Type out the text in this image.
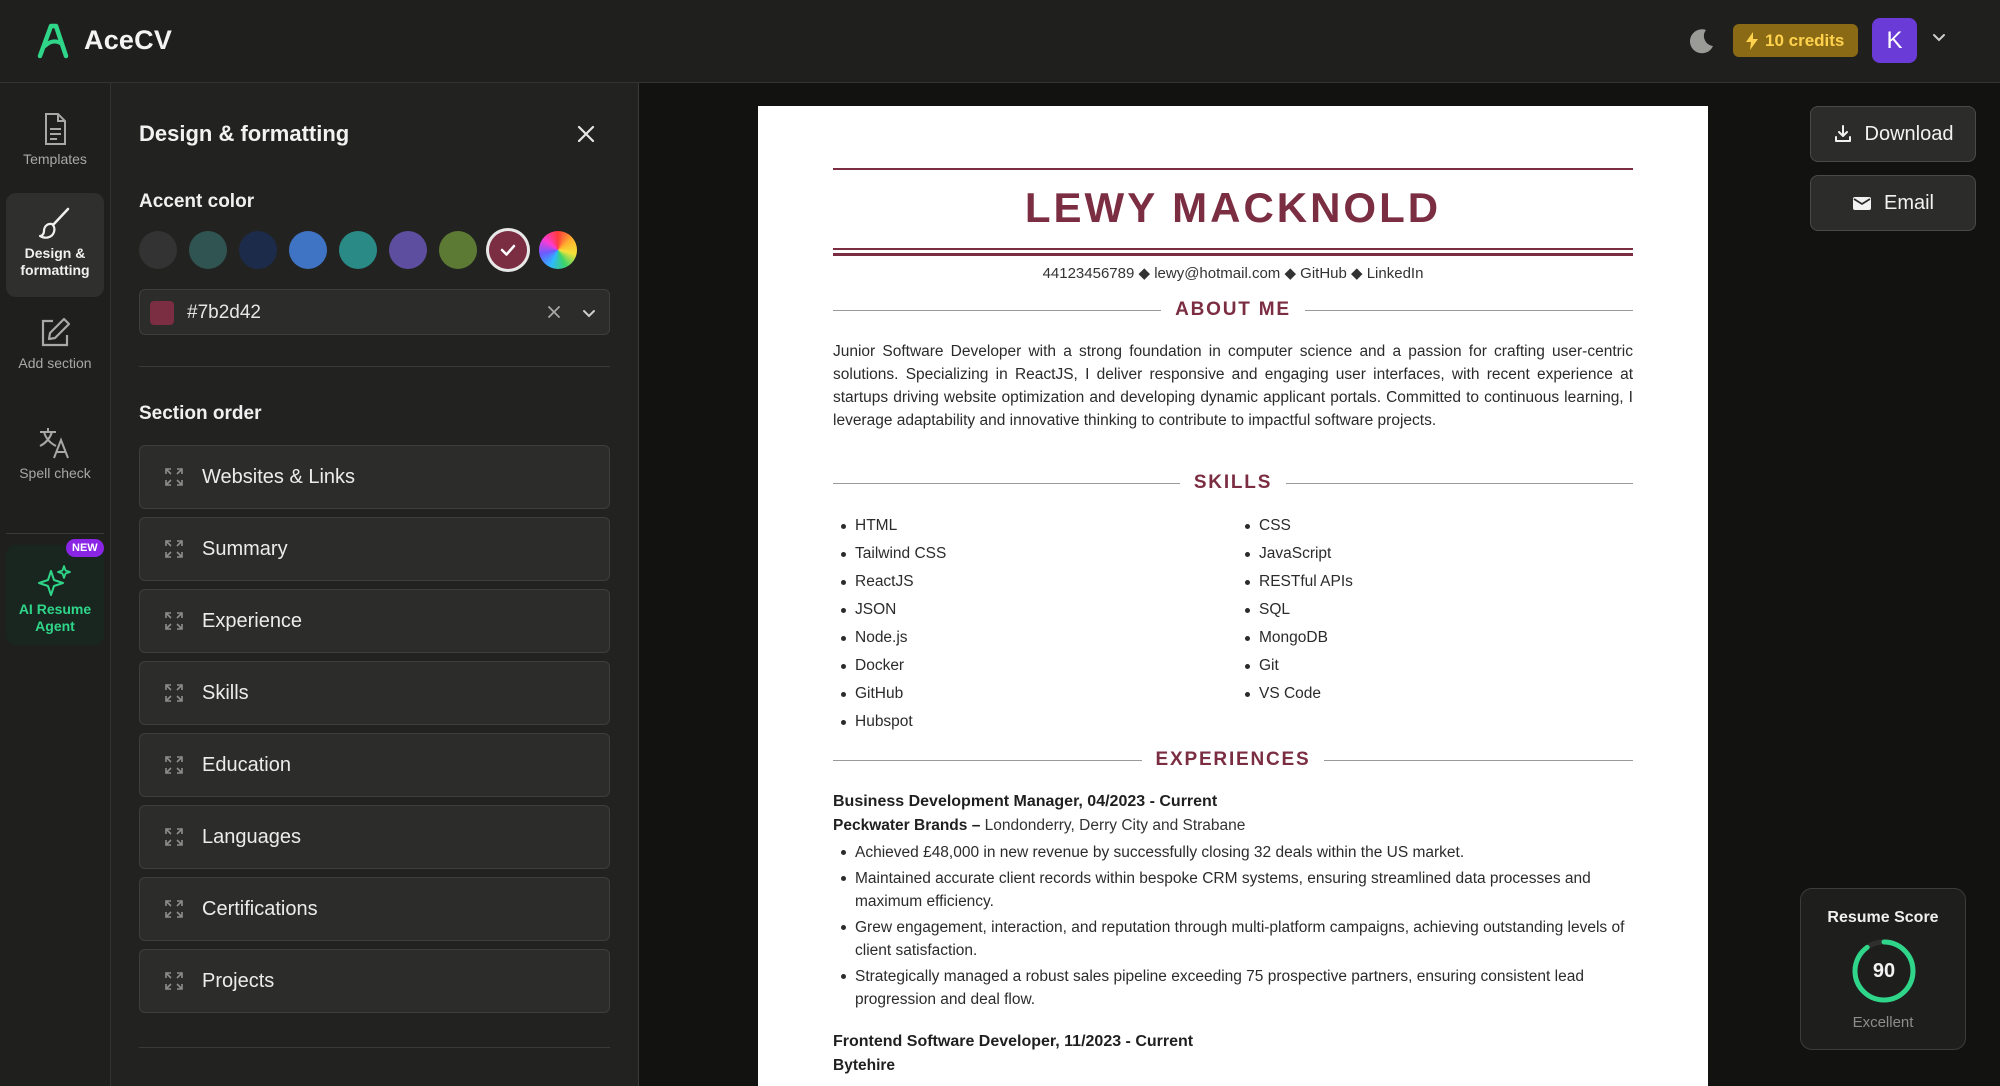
AceCV	10 credits	K
Templates
Design & formatting
Add section
Spell check
AI Resume Agent
NEW
Design & formatting
Accent color
#7b2d42
Section order
Websites & Links
Summary
Experience
Skills
Education
Languages
Certifications
Projects
LEWY MACKNOLD
44123456789 ◆ lewy@hotmail.com ◆ GitHub ◆ LinkedIn
ABOUT ME
Junior Software Developer with a strong foundation in computer science and a passion for crafting user-centric solutions. Specializing in ReactJS, I deliver responsive and engaging user interfaces, with recent experience at startups driving website optimization and developing dynamic applicant portals. Committed to continuous learning, I leverage adaptability and innovative thinking to contribute to impactful software projects.
SKILLS
HTML
Tailwind CSS
ReactJS
JSON
Node.js
Docker
GitHub
Hubspot
CSS
JavaScript
RESTful APIs
SQL
MongoDB
Git
VS Code
EXPERIENCES
Business Development Manager, 04/2023 - Current
Peckwater Brands – Londonderry, Derry City and Strabane
Achieved £48,000 in new revenue by successfully closing 32 deals within the US market.
Maintained accurate client records within bespoke CRM systems, ensuring streamlined data processes and maximum efficiency.
Grew engagement, interaction, and reputation through multi-platform campaigns, achieving outstanding levels of client satisfaction.
Strategically managed a robust sales pipeline exceeding 75 prospective partners, ensuring consistent lead progression and deal flow.
Frontend Software Developer, 11/2023 - Current
Bytehire
Download
Email
Resume Score
90
Excellent
